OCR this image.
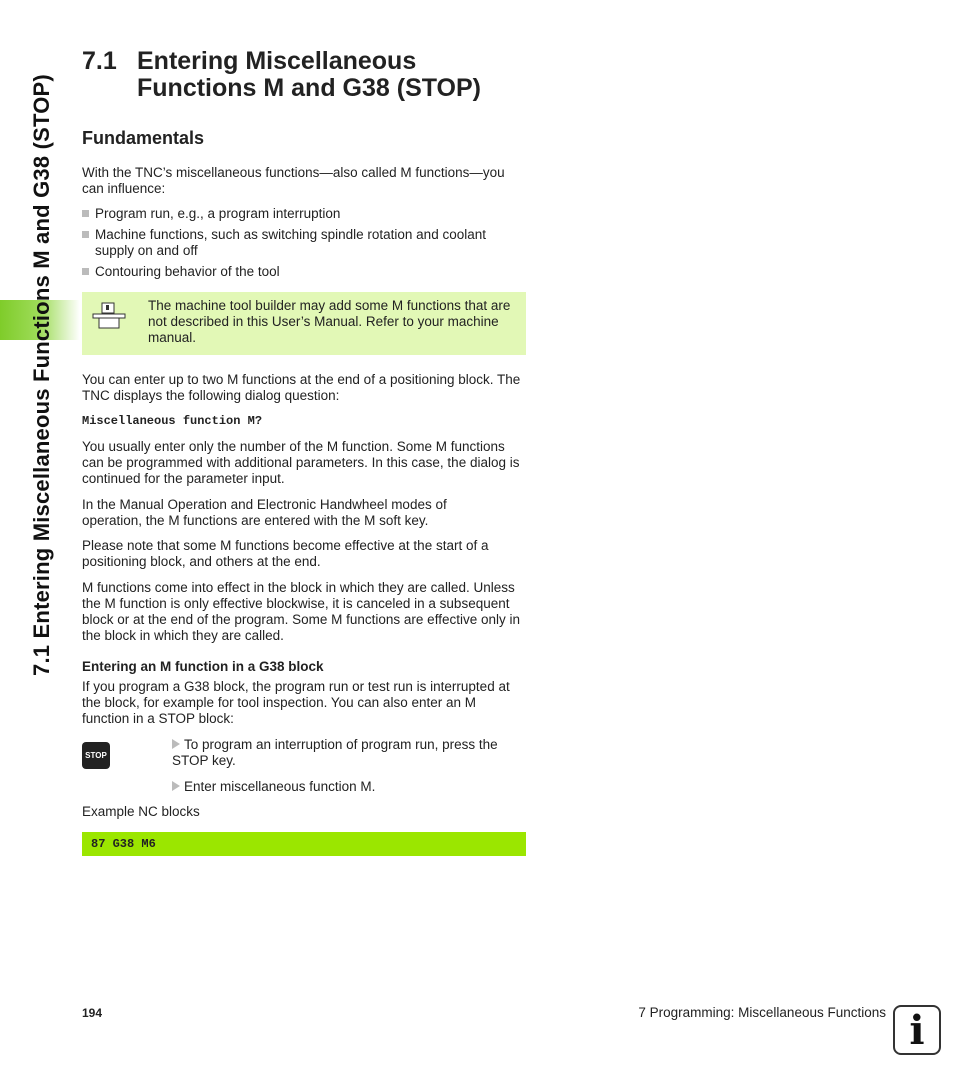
7.1 Entering Miscellaneous Functions M and G38 (STOP)
7.1 Entering Miscellaneous
Functions M and G38 (STOP)
Fundamentals
With the TNC’s miscellaneous functions—also called M functions—you can influence:
Program run, e.g., a program interruption
Machine functions, such as switching spindle rotation and coolant supply on and off
Contouring behavior of the tool
The machine tool builder may add some M functions that are not described in this User’s Manual. Refer to your machine manual.
You can enter up to two M functions at the end of a positioning block. The TNC displays the following dialog question:
Miscellaneous function M?
You usually enter only the number of the M function. Some M functions can be programmed with additional parameters. In this case, the dialog is continued for the parameter input.
In the Manual Operation and Electronic Handwheel modes of operation, the M functions are entered with the M soft key.
Please note that some M functions become effective at the start of a positioning block, and others at the end.
M functions come into effect in the block in which they are called. Unless the M function is only effective blockwise, it is canceled in a subsequent block or at the end of the program. Some M functions are effective only in the block in which they are called.
Entering an M function in a G38 block
If you program a G38 block, the program run or test run is interrupted at the block, for example for tool inspection. You can also enter an M function in a STOP block:
STOP
To program an interruption of program run, press the STOP key.
Enter miscellaneous function M.
Example NC blocks
87 G38 M6
194	7 Programming: Miscellaneous Functions i
